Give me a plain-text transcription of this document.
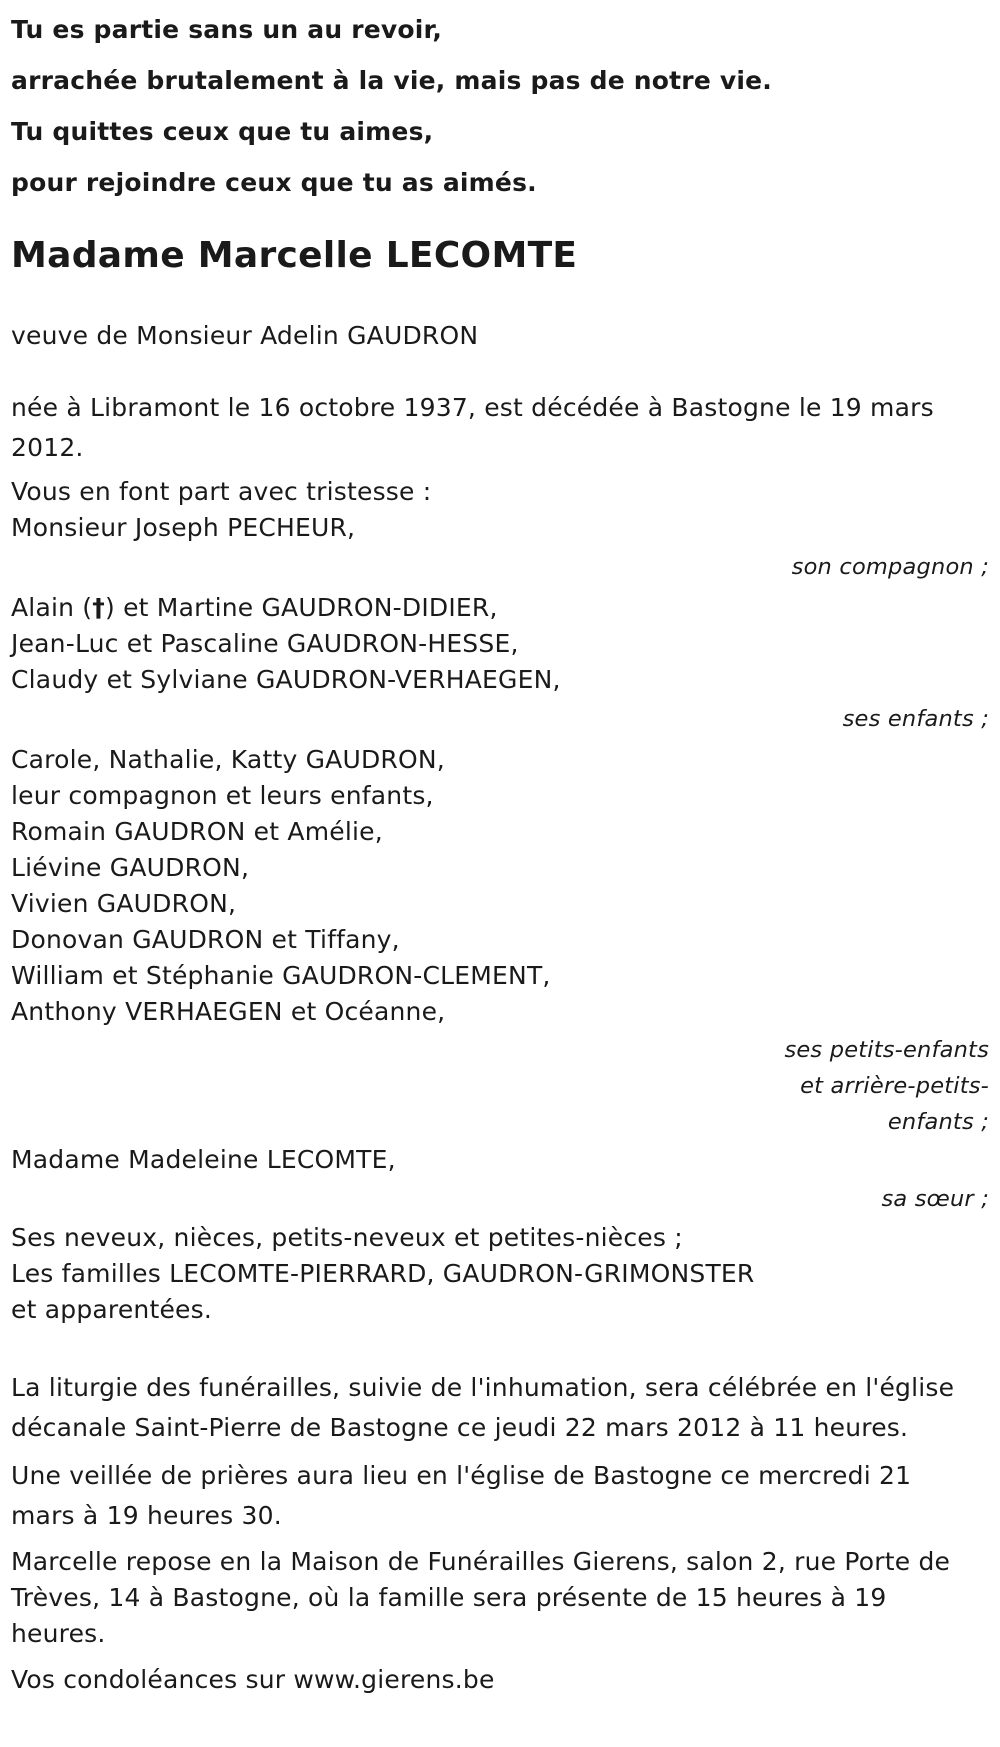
Tu es partie sans un au revoir,
arrachée brutalement à la vie, mais pas de notre vie.
Tu quittes ceux que tu aimes,
pour rejoindre ceux que tu as aimés.
Madame Marcelle LECOMTE
veuve de Monsieur Adelin GAUDRON
née à Libramont le 16 octobre 1937, est décédée à Bastogne le 19 mars 2012.
Vous en font part avec tristesse :
Monsieur Joseph PECHEUR,
son compagnon ;
Alain (†) et Martine GAUDRON-DIDIER,
Jean-Luc et Pascaline GAUDRON-HESSE,
Claudy et Sylviane GAUDRON-VERHAEGEN,
ses enfants ;
Carole, Nathalie, Katty GAUDRON,
leur compagnon et leurs enfants,
Romain GAUDRON et Amélie,
Liévine GAUDRON,
Vivien GAUDRON,
Donovan GAUDRON et Tiffany,
William et Stéphanie GAUDRON-CLEMENT,
Anthony VERHAEGEN et Océanne,
ses petits-enfants
et arrière-petits-
enfants ;
Madame Madeleine LECOMTE,
sa sœur ;
Ses neveux, nièces, petits-neveux et petites-nièces ;
Les familles LECOMTE-PIERRARD, GAUDRON-GRIMONSTER
et apparentées.
La liturgie des funérailles, suivie de l'inhumation, sera célébrée en l'église décanale Saint-Pierre de Bastogne ce jeudi 22 mars 2012 à 11 heures.
Une veillée de prières aura lieu en l'église de Bastogne ce mercredi 21 mars à 19 heures 30.
Marcelle repose en la Maison de Funérailles Gierens, salon 2, rue Porte de Trèves, 14 à Bastogne, où la famille sera présente de 15 heures à 19 heures.
Vos condoléances sur www.gierens.be
